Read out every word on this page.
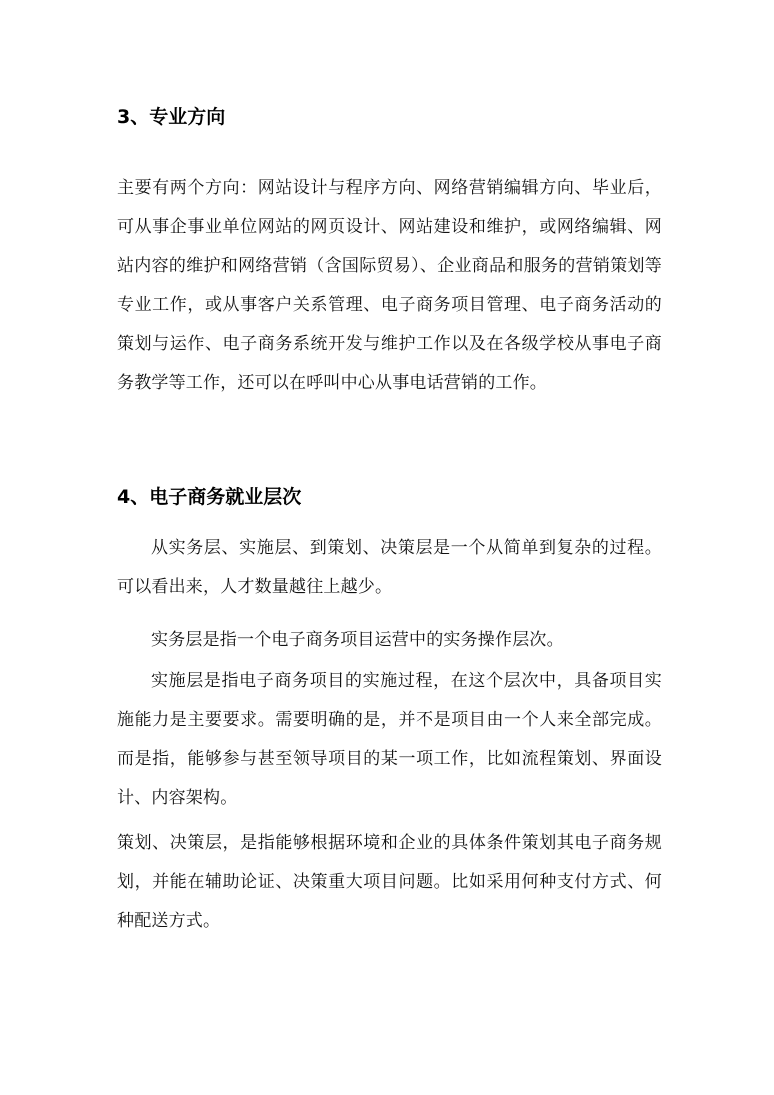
3、专业方向

主要有两个方向：网站设计与程序方向、网络营销编辑方向、毕业后，可从事企事业单位网站的网页设计、网站建设和维护，或网络编辑、网站内容的维护和网络营销（含国际贸易）、企业商品和服务的营销策划等专业工作，或从事客户关系管理、电子商务项目管理、电子商务活动的策划与运作、电子商务系统开发与维护工作以及在各级学校从事电子商务教学等工作，还可以在呼叫中心从事电话营销的工作。

4、电子商务就业层次

从实务层、实施层、到策划、决策层是一个从简单到复杂的过程。可以看出来，人才数量越往上越少。

实务层是指一个电子商务项目运营中的实务操作层次。

实施层是指电子商务项目的实施过程，在这个层次中，具备项目实施能力是主要要求。需要明确的是，并不是项目由一个人来全部完成。而是指，能够参与甚至领导项目的某一项工作，比如流程策划、界面设计、内容架构。

策划、决策层，是指能够根据环境和企业的具体条件策划其电子商务规划，并能在辅助论证、决策重大项目问题。比如采用何种支付方式、何种配送方式。
